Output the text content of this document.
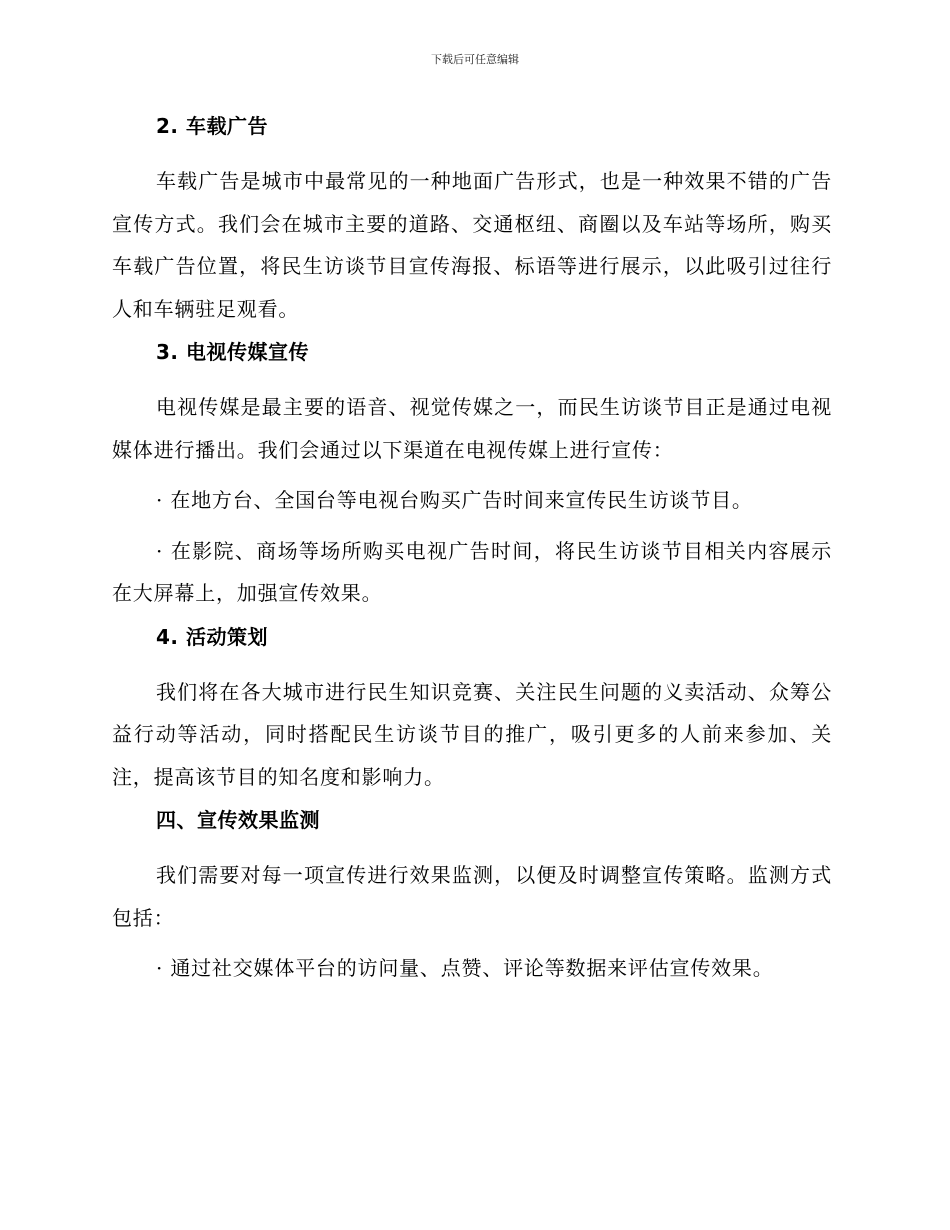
下载后可任意编辑
2. 车载广告

车载广告是城市中最常见的一种地面广告形式，也是一种效果不错的广告宣传方式。我们会在城市主要的道路、交通枢纽、商圈以及车站等场所，购买车载广告位置，将民生访谈节目宣传海报、标语等进行展示，以此吸引过往行人和车辆驻足观看。

3. 电视传媒宣传

电视传媒是最主要的语音、视觉传媒之一，而民生访谈节目正是通过电视媒体进行播出。我们会通过以下渠道在电视传媒上进行宣传：

· 在地方台、全国台等电视台购买广告时间来宣传民生访谈节目。

· 在影院、商场等场所购买电视广告时间，将民生访谈节目相关内容展示在大屏幕上，加强宣传效果。

4. 活动策划

我们将在各大城市进行民生知识竞赛、关注民生问题的义卖活动、众筹公益行动等活动，同时搭配民生访谈节目的推广，吸引更多的人前来参加、关注，提高该节目的知名度和影响力。

四、宣传效果监测

我们需要对每一项宣传进行效果监测，以便及时调整宣传策略。监测方式包括：

· 通过社交媒体平台的访问量、点赞、评论等数据来评估宣传效果。
